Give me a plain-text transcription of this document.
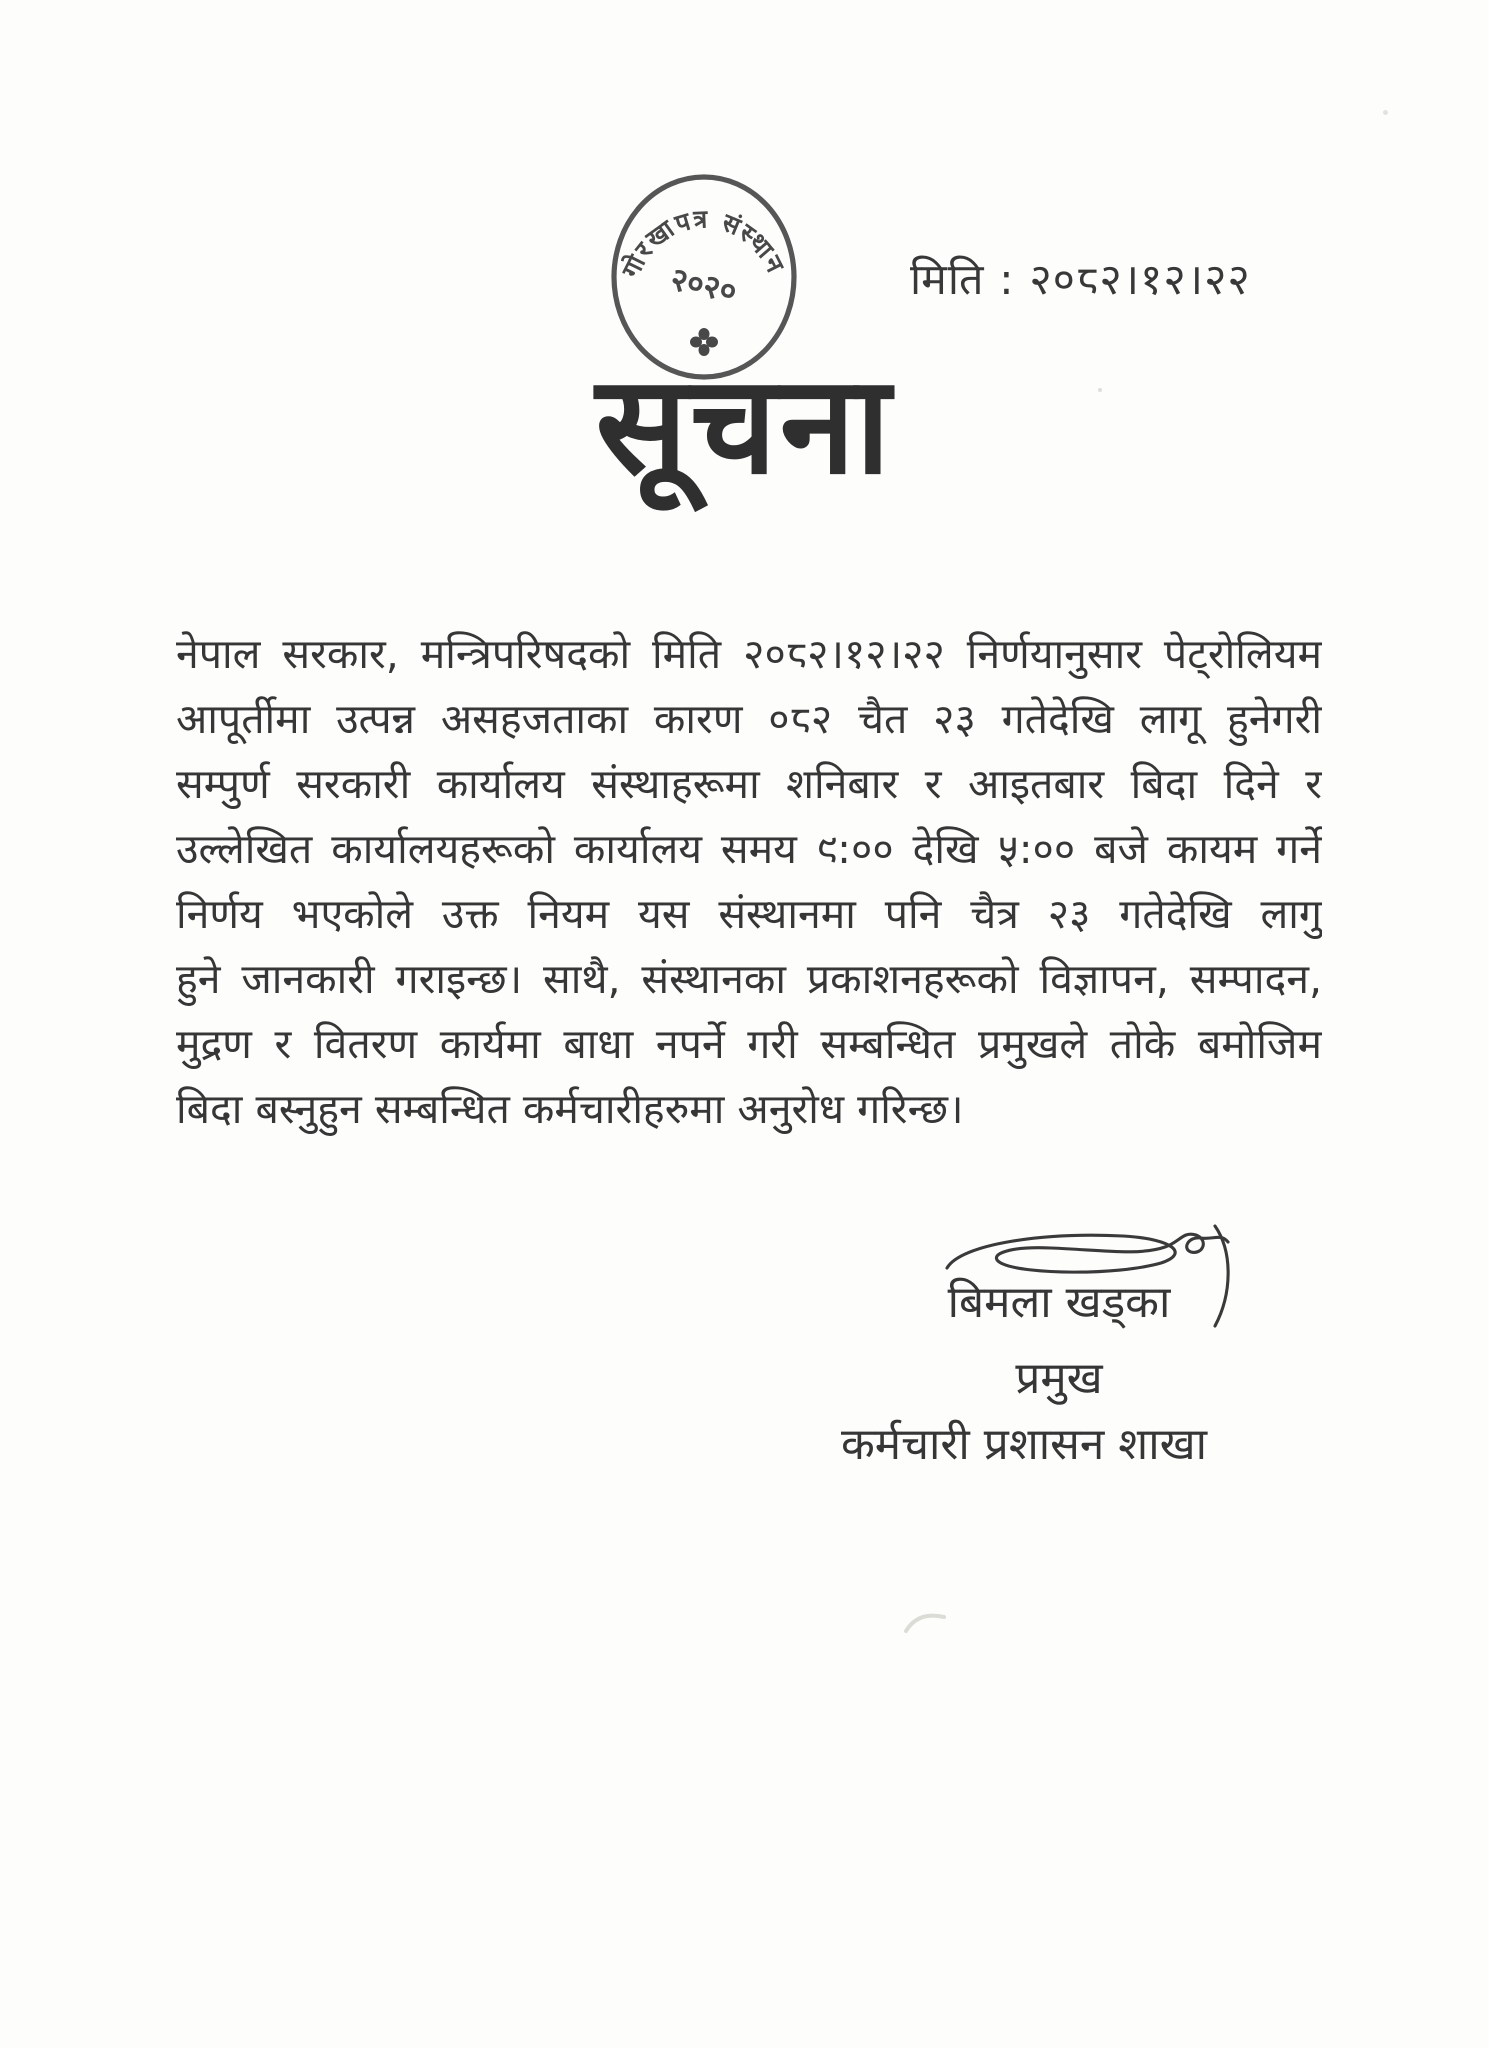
गोरखापत्र संस्थान
२०२०	मिति : २०८२।१२।२२
सूचना
नेपाल सरकार, मन्त्रिपरिषदको मिति २०८२।१२।२२ निर्णयानुसार पेट्रोलियम
आपूर्तीमा उत्पन्न असहजताका कारण ०८२ चैत २३ गतेदेखि लागू हुनेगरी
सम्पुर्ण सरकारी कार्यालय संस्थाहरूमा शनिबार र आइतबार बिदा दिने र
उल्लेखित कार्यालयहरूको कार्यालय समय ९:०० देखि ५:०० बजे कायम गर्ने
निर्णय भएकोले उक्त नियम यस संस्थानमा पनि चैत्र २३ गतेदेखि लागु
हुने जानकारी गराइन्छ। साथै, संस्थानका प्रकाशनहरूको विज्ञापन, सम्पादन,
मुद्रण र वितरण कार्यमा बाधा नपर्ने गरी सम्बन्धित प्रमुखले तोके बमोजिम
बिदा बस्नुहुन सम्बन्धित कर्मचारीहरुमा अनुरोध गरिन्छ।
बिमला खड्का
प्रमुख
कर्मचारी प्रशासन शाखा
